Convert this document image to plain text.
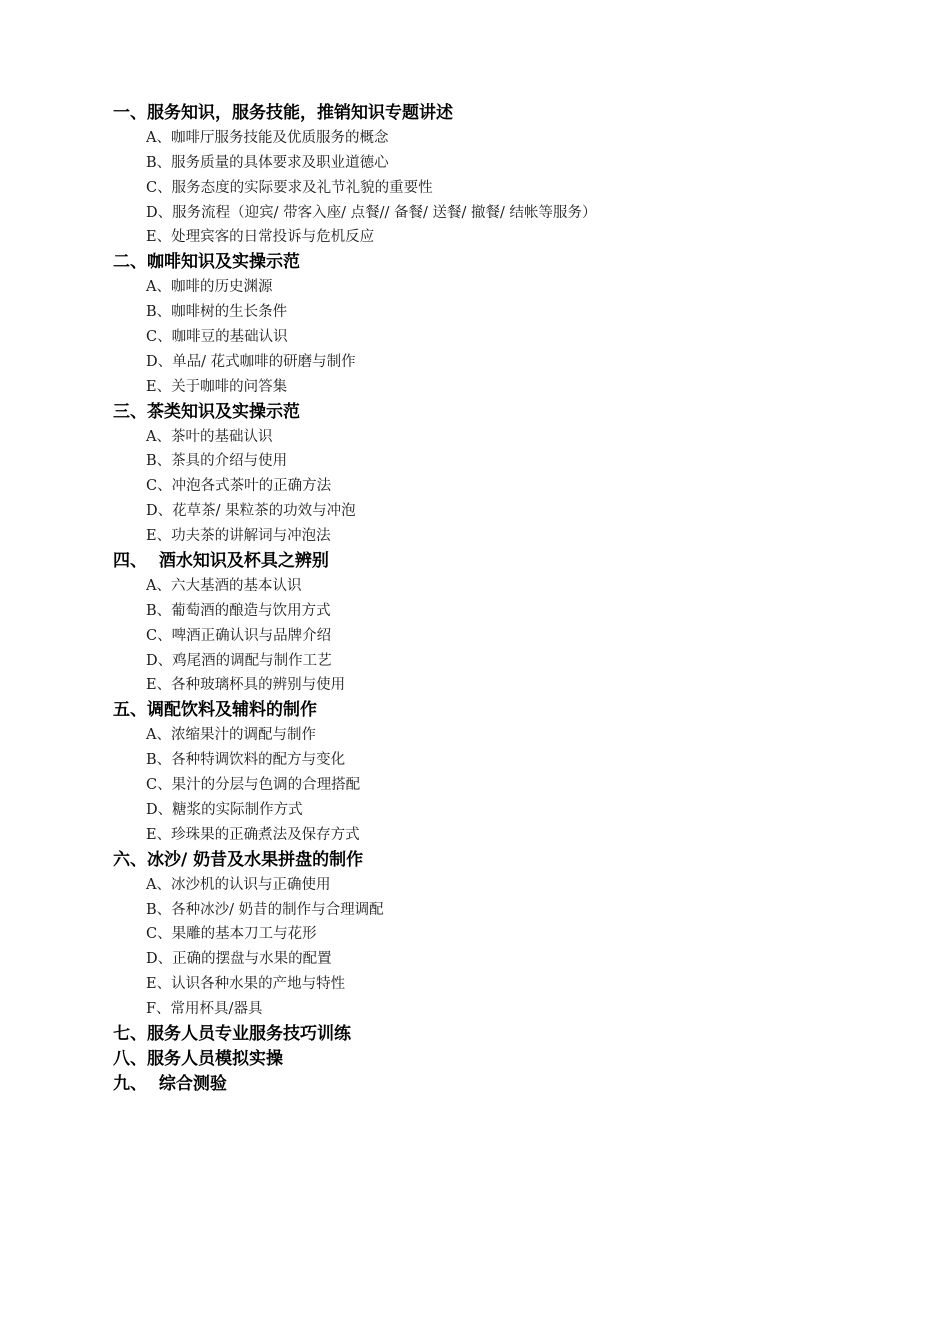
一、服务知识，服务技能，推销知识专题讲述
A、咖啡厅服务技能及优质服务的概念
B、服务质量的具体要求及职业道德心
C、服务态度的实际要求及礼节礼貌的重要性
D、服务流程（迎宾/ 带客入座/ 点餐// 备餐/ 送餐/ 撤餐/ 结帐等服务）
E、处理宾客的日常投诉与危机反应
二、咖啡知识及实操示范
A、咖啡的历史渊源
B、咖啡树的生长条件
C、咖啡豆的基础认识
D、单品/ 花式咖啡的研磨与制作
E、关于咖啡的问答集
三、茶类知识及实操示范
A、茶叶的基础认识
B、茶具的介绍与使用
C、冲泡各式茶叶的正确方法
D、花草茶/ 果粒茶的功效与冲泡
E、功夫茶的讲解词与冲泡法
四、  酒水知识及杯具之辨别
A、六大基酒的基本认识
B、葡萄酒的酿造与饮用方式
C、啤酒正确认识与品牌介绍
D、鸡尾酒的调配与制作工艺
E、各种玻璃杯具的辨别与使用
五、调配饮料及辅料的制作
A、浓缩果汁的调配与制作
B、各种特调饮料的配方与变化
C、果汁的分层与色调的合理搭配
D、糖浆的实际制作方式
E、珍珠果的正确煮法及保存方式
六、冰沙/ 奶昔及水果拼盘的制作
A、冰沙机的认识与正确使用
B、各种冰沙/ 奶昔的制作与合理调配
C、果雕的基本刀工与花形
D、正确的摆盘与水果的配置
E、认识各种水果的产地与特性
F、常用杯具/器具
七、服务人员专业服务技巧训练
八、服务人员模拟实操
九、  综合测验
